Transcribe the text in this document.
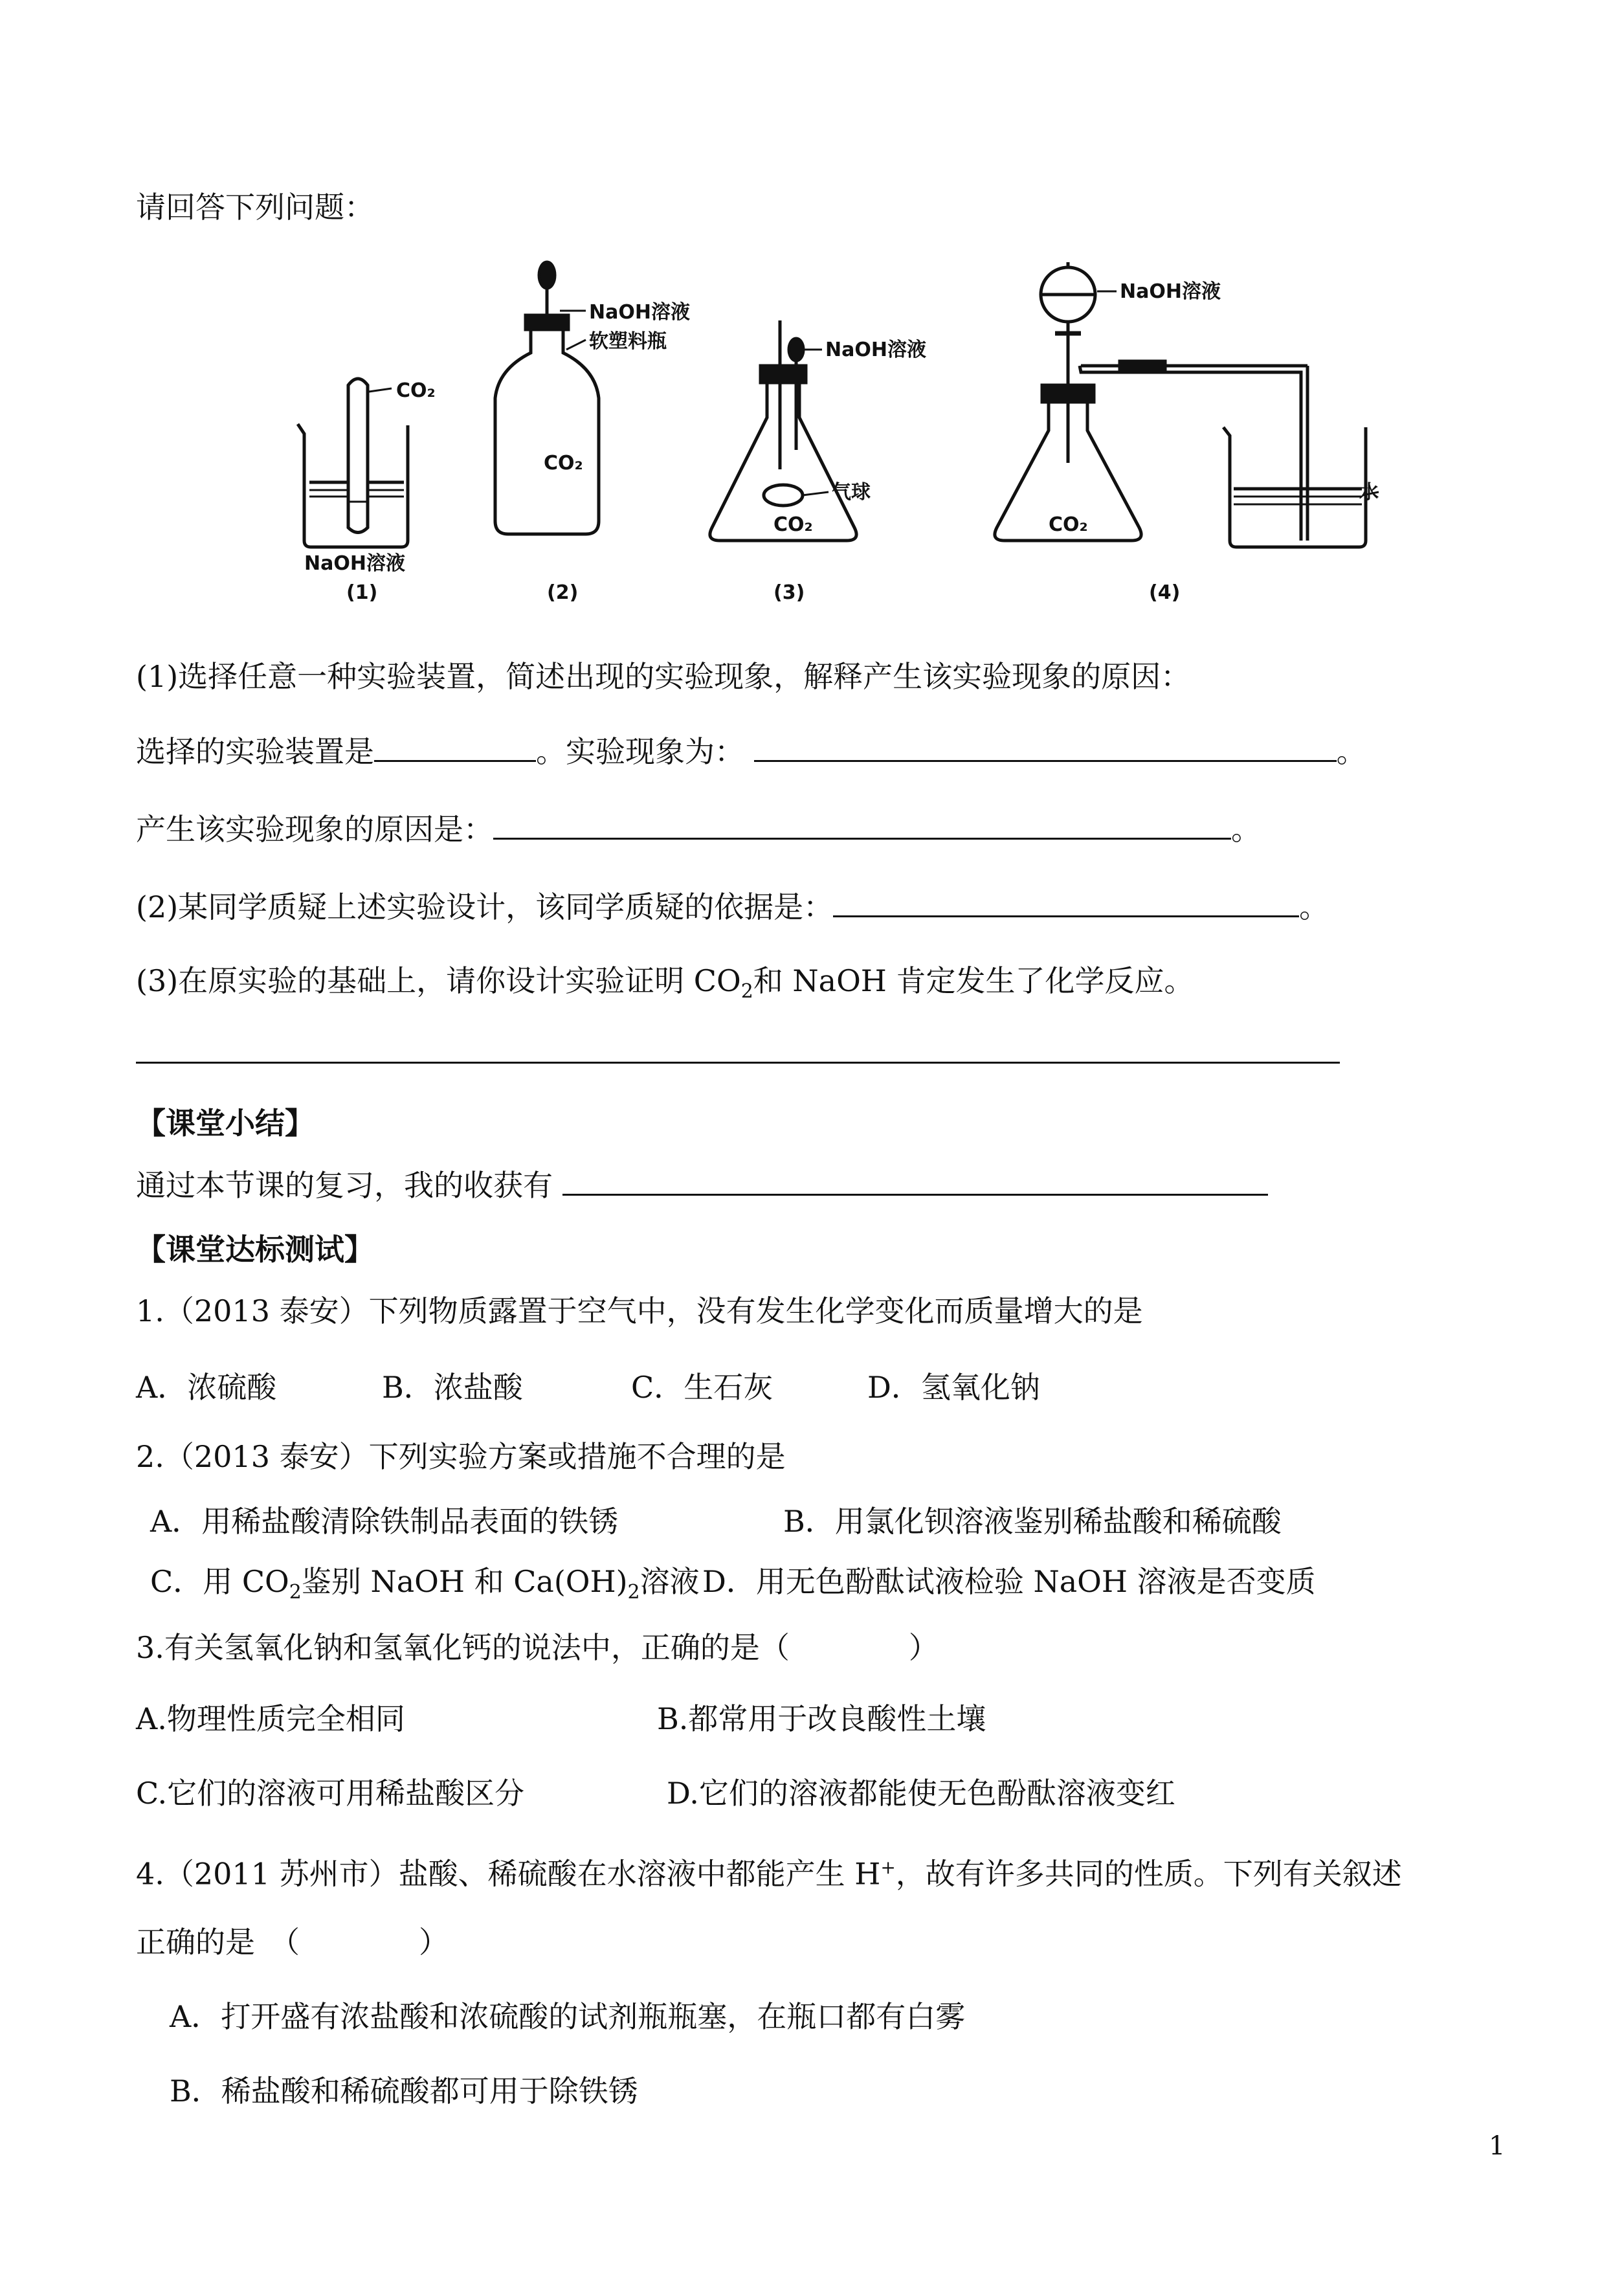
请回答下列问题：
CO₂
NaOH溶液
(1)
NaOH溶液
软塑料瓶
CO₂
(2)
NaOH溶液
气球
CO₂
(3)
NaOH溶液
CO₂
水
(4)
(1)选择任意一种实验装置，简述出现的实验现象，解释产生该实验现象的原因：
选择的实验装置是	。实验现象为：	。
产生该实验现象的原因是：	。
(2)某同学质疑上述实验设计，该同学质疑的依据是：	。
(3)在原实验的基础上，请你设计实验证明 $CO_2$和 NaOH 肯定发生了化学反应。
【课堂小结】
通过本节课的复习，我的收获有
【课堂达标测试】
1.（2013 泰安）下列物质露置于空气中，没有发生化学变化而质量增大的是
A．浓硫酸	B．浓盐酸	C．生石灰	D．氢氧化钠
2.（2013 泰安）下列实验方案或措施不合理的是
A．用稀盐酸清除铁制品表面的铁锈	B．用氯化钡溶液鉴别稀盐酸和稀硫酸
C．用 $CO_2$鉴别 NaOH 和 $Ca(OH)_2$溶液 D．用无色酚酞试液检验 NaOH 溶液是否变质
3.有关氢氧化钠和氢氧化钙的说法中，正确的是（　　　　）
A.物理性质完全相同	B.都常用于改良酸性土壤
C.它们的溶液可用稀盐酸区分	D.它们的溶液都能使无色酚酞溶液变红
4.（2011 苏州市）盐酸、稀硫酸在水溶液中都能产生 H+，故有许多共同的性质。下列有关叙述
正确的是　（　　　　）
A．打开盛有浓盐酸和浓硫酸的试剂瓶瓶塞，在瓶口都有白雾
B．稀盐酸和稀硫酸都可用于除铁锈
1
